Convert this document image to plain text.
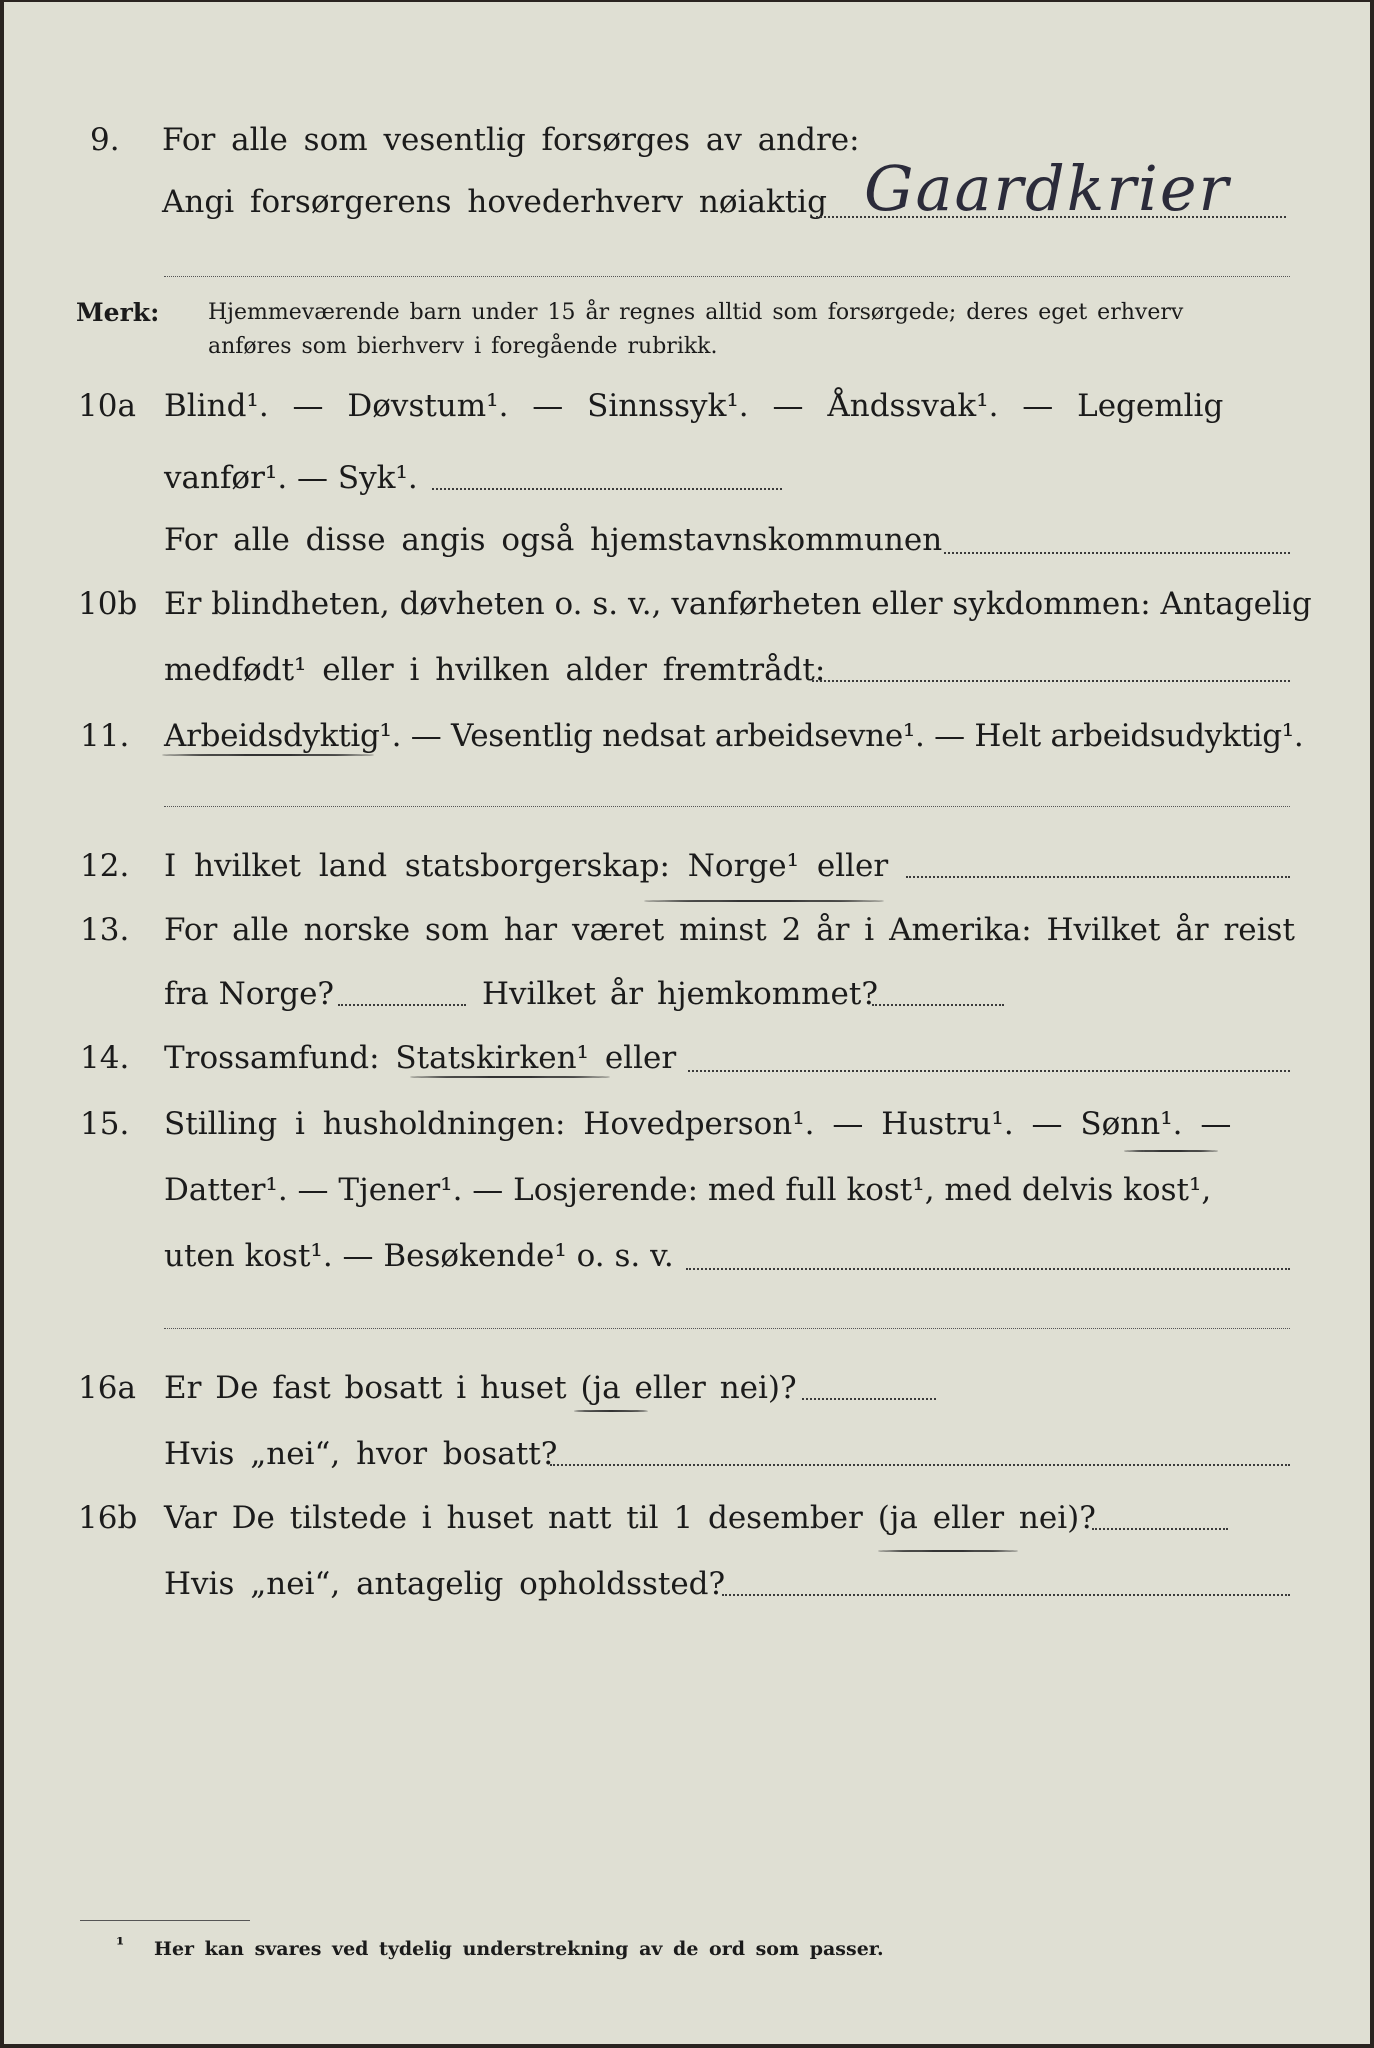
9. For alle som vesentlig forsørges av andre:
Angi forsørgerens hovederhverv nøiaktig Gaardkrier
Merk: Hjemmeværende barn under 15 år regnes alltid som forsørgede; deres eget erhverv
anføres som bierhverv i foregående rubrikk.
10a Blind¹. — Døvstum¹. — Sinnssyk¹. — Åndssvak¹. — Legemlig
vanfør¹. — Syk¹.
For alle disse angis også hjemstavnskommunen
10b Er blindheten, døvheten o. s. v., vanførheten eller sykdommen: Antagelig
medfødt¹ eller i hvilken alder fremtrådt:
11. Arbeidsdyktig¹. — Vesentlig nedsat arbeidsevne¹. — Helt arbeidsudyktig¹.
12. I hvilket land statsborgerskap: Norge¹ eller
13. For alle norske som har været minst 2 år i Amerika: Hvilket år reist
fra Norge?	Hvilket år hjemkommet?
14. Trossamfund: Statskirken¹ eller
15. Stilling i husholdningen: Hovedperson¹. — Hustru¹. — Sønn¹. —
Datter¹. — Tjener¹. — Losjerende: med full kost¹, med delvis kost¹,
uten kost¹. — Besøkende¹ o. s. v.
16a Er De fast bosatt i huset (ja eller nei)?
Hvis „nei“, hvor bosatt?
16b Var De tilstede i huset natt til 1 desember (ja eller nei)?
Hvis „nei“, antagelig opholdssted?
¹ Her kan svares ved tydelig understrekning av de ord som passer.
